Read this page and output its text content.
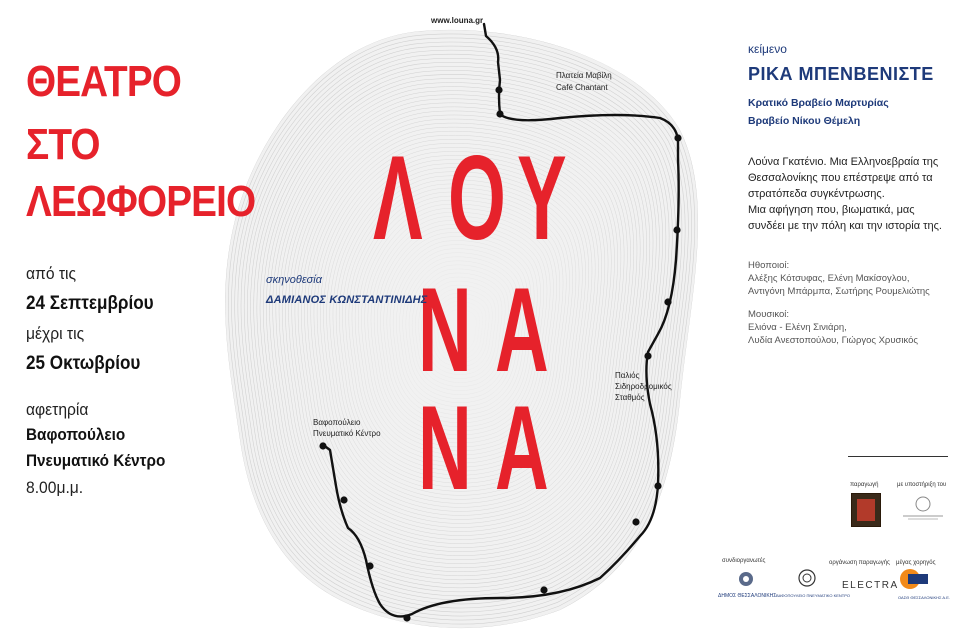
ΘΕΑΤΡΟ
ΣΤΟ
ΛΕΩΦΟΡΕΙΟ
από τις
24 Σεπτεμβρίου
μέχρι τις
25 Οκτωβρίου
αφετηρία
Βαφοπούλειο
Πνευματικό Κέντρο
8.00μ.μ.
www.louna.gr
Πλατεία Μαβίλη
Café Chantant
Παλιός
Σιδηροδρομικός
Σταθμός
Βαφοπούλειο
Πνευματικό Κέντρο
Λ Ο Υ
Ν Α
Ν Α
σκηνοθεσία
ΔΑΜΙΑΝΟΣ ΚΩΝΣΤΑΝΤΙΝΙΔΗΣ
κείμενο
ΡΙΚΑ ΜΠΕΝΒΕΝΙΣΤΕ
Κρατικό Βραβείο Μαρτυρίας
Βραβείο Νίκου Θέμελη
Λούνα Γκατένιο. Μια Ελληνοεβραία της
Θεσσαλονίκης που επέστρεψε από τα
στρατόπεδα συγκέντρωσης.
Μια αφήγηση που, βιωματικά, μας
συνδέει με την πόλη και την ιστορία της.
Ηθοποιοί:
Αλέξης Κότσυφας, Ελένη Μακίσογλου,
Αντιγόνη Μπάρμπα, Σωτήρης Ρουμελιώτης
Μουσικοί:
Ελιόνα - Ελένη Σινιάρη,
Λυδία Ανεστοπούλου, Γιώργος Χρυσικός
παραγωγή	με υποστήριξη του
συνδιοργανωτές	οργάνωση παραγωγής μέγας χορηγός
ΔΗΜΟΣ ΘΕΣΣΑΛΟΝΙΚΗΣ ΒΑΦΟΠΟΥΛΕΙΟ ΠΝΕΥΜΑΤΙΚΟ ΚΕΝΤΡΟ
ELECTRA
ΟΑΣΘ ΘΕΣΣΑΛΟΝΙΚΗΣ Α.Ε.
